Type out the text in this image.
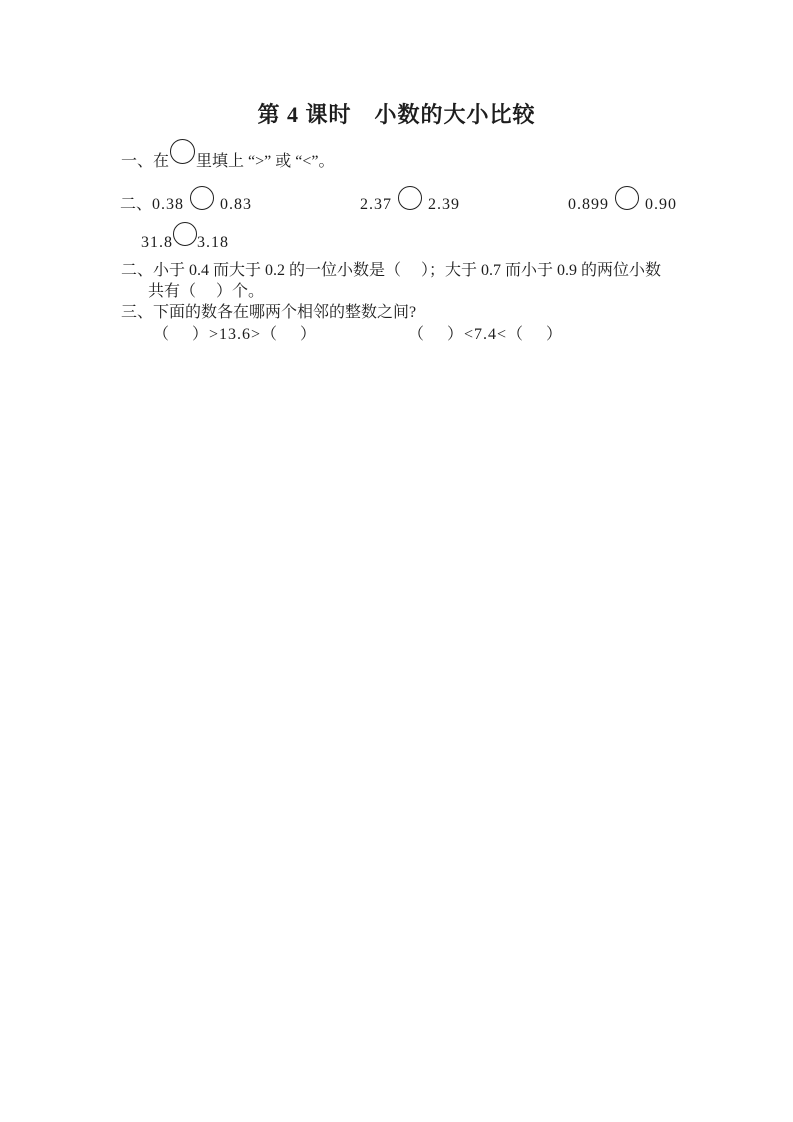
第 4 课时　小数的大小比较
一、在 里填上 “>” 或 “<”。
二、0.38 0.83	2.37 2.39	0.899 0.90
31.8 3.18
二、小于 0.4 而大于 0.2 的一位小数是（　 ）；大于 0.7 而小于 0.9 的两位小数
共有（　 ）个。
三、下面的数各在哪两个相邻的整数之间?
（　 ）>13.6>（　 ）	（　 ）<7.4<（　 ）
